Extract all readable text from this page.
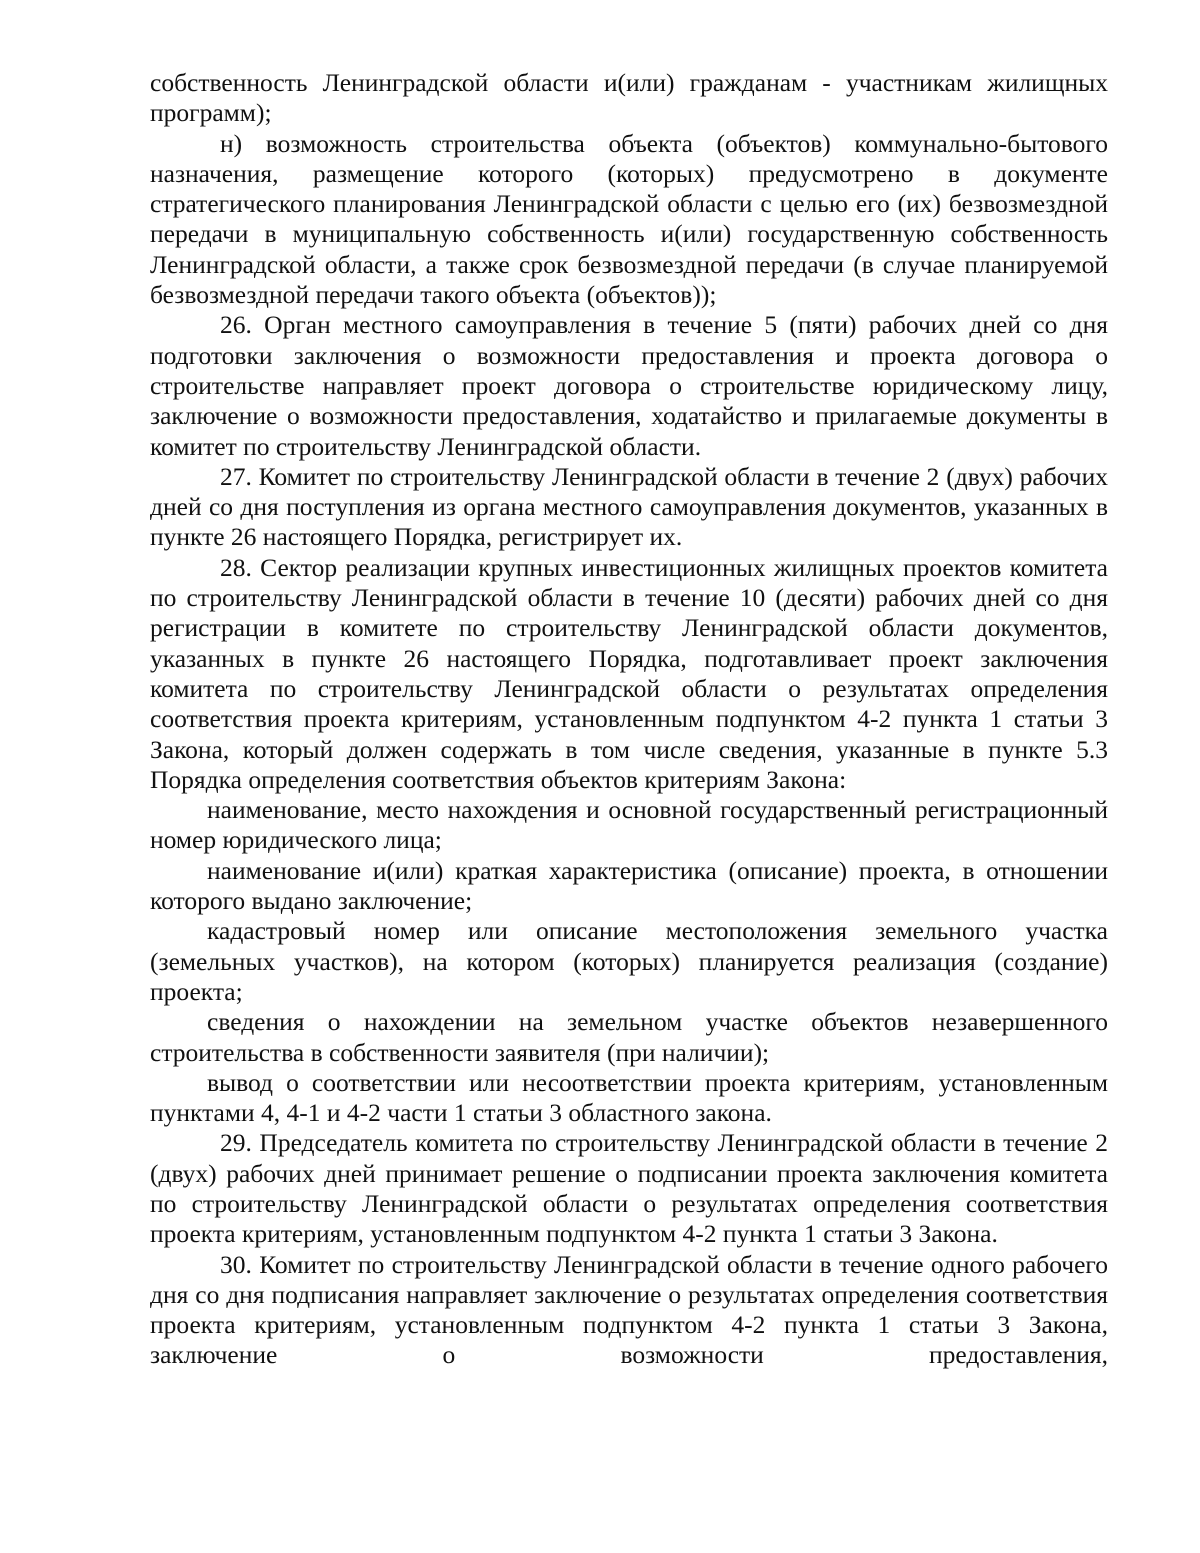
собственность Ленинградской области и(или) гражданам - участникам жилищных программ);

н) возможность строительства объекта (объектов) коммунально-бытового назначения, размещение которого (которых) предусмотрено в документе стратегического планирования Ленинградской области с целью его (их) безвозмездной передачи в муниципальную собственность и(или) государственную собственность Ленинградской области, а также срок безвозмездной передачи (в случае планируемой безвозмездной передачи такого объекта (объектов));

26. Орган местного самоуправления в течение 5 (пяти) рабочих дней со дня подготовки заключения о возможности предоставления и проекта договора о строительстве направляет проект договора о строительстве юридическому лицу, заключение о возможности предоставления, ходатайство и прилагаемые документы в комитет по строительству Ленинградской области.

27. Комитет по строительству Ленинградской области в течение 2 (двух) рабочих дней со дня поступления из органа местного самоуправления документов, указанных в пункте 26 настоящего Порядка, регистрирует их.

28. Сектор реализации крупных инвестиционных жилищных проектов комитета по строительству Ленинградской области в течение 10 (десяти) рабочих дней со дня регистрации в комитете по строительству Ленинградской области документов, указанных в пункте 26 настоящего Порядка, подготавливает проект заключения комитета по строительству Ленинградской области о результатах определения соответствия проекта критериям, установленным подпунктом 4-2 пункта 1 статьи 3 Закона, который должен содержать в том числе сведения, указанные в пункте 5.3 Порядка определения соответствия объектов критериям Закона:

наименование, место нахождения и основной государственный регистрационный номер юридического лица;

наименование и(или) краткая характеристика (описание) проекта, в отношении которого выдано заключение;

кадастровый номер или описание местоположения земельного участка (земельных участков), на котором (которых) планируется реализация (создание) проекта;

сведения о нахождении на земельном участке объектов незавершенного строительства в собственности заявителя (при наличии);

вывод о соответствии или несоответствии проекта критериям, установленным пунктами 4, 4-1 и 4-2 части 1 статьи 3 областного закона.

29. Председатель комитета по строительству Ленинградской области в течение 2 (двух) рабочих дней принимает решение о подписании проекта заключения комитета по строительству Ленинградской области о результатах определения соответствия проекта критериям, установленным подпунктом 4-2 пункта 1 статьи 3 Закона.

30. Комитет по строительству Ленинградской области в течение одного рабочего дня со дня подписания направляет заключение о результатах определения соответствия проекта критериям, установленным подпунктом 4-2 пункта 1 статьи 3 Закона, заключение о возможности предоставления,
